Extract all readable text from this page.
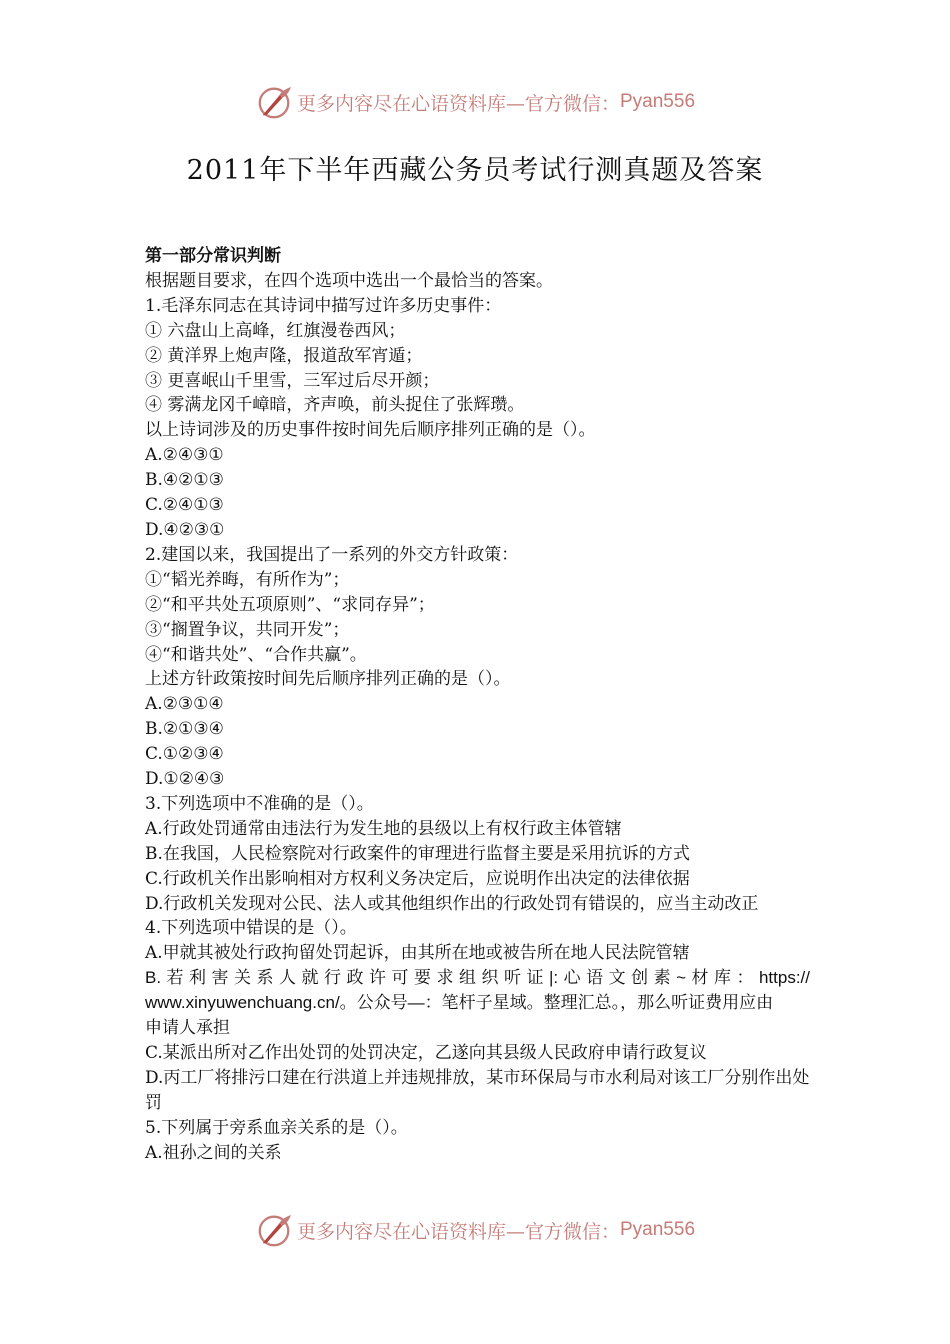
更多内容尽在心语资料库—官方微信： Pyan556
2011年下半年西藏公务员考试行测真题及答案
第一部分常识判断
根据题目要求，在四个选项中选出一个最恰当的答案。
1.毛泽东同志在其诗词中描写过许多历史事件：
① 六盘山上高峰，红旗漫卷西风；
② 黄洋界上炮声隆，报道敌军宵遁；
③ 更喜岷山千里雪，三军过后尽开颜；
④ 雾满龙冈千嶂暗，齐声唤，前头捉住了张辉瓒。
以上诗词涉及的历史事件按时间先后顺序排列正确的是（）。
A.②④③①
B.④②①③
C.②④①③
D.④②③①
2.建国以来，我国提出了一系列的外交方针政策：
①“韬光养晦，有所作为”；
②“和平共处五项原则”、“求同存异”；
③“搁置争议，共同开发”；
④“和谐共处”、“合作共赢”。
上述方针政策按时间先后顺序排列正确的是（）。
A.②③①④
B.②①③④
C.①②③④
D.①②④③
3.下列选项中不准确的是（）。
A.行政处罚通常由违法行为发生地的县级以上有权行政主体管辖
B.在我国，人民检察院对行政案件的审理进行监督主要是采用抗诉的方式
C.行政机关作出影响相对方权利义务决定后，应说明作出决定的法律依据
D.行政机关发现对公民、法人或其他组织作出的行政处罚有错误的，应当主动改正
4.下列选项中错误的是（）。
A.甲就其被处行政拘留处罚起诉，由其所在地或被告所在地人民法院管辖
B.若利害关系人就行政许可要求组织听证|:心语文创素~材库：https://
www.xinyuwenchuang.cn/。公众号—：笔杆子星域。整理汇总。，那么听证费用应由
申请人承担
C.某派出所对乙作出处罚的处罚决定，乙遂向其县级人民政府申请行政复议
D.丙工厂将排污口建在行洪道上并违规排放，某市环保局与市水利局对该工厂分别作出处罚
5.下列属于旁系血亲关系的是（）。
A.祖孙之间的关系
更多内容尽在心语资料库—官方微信： Pyan556
